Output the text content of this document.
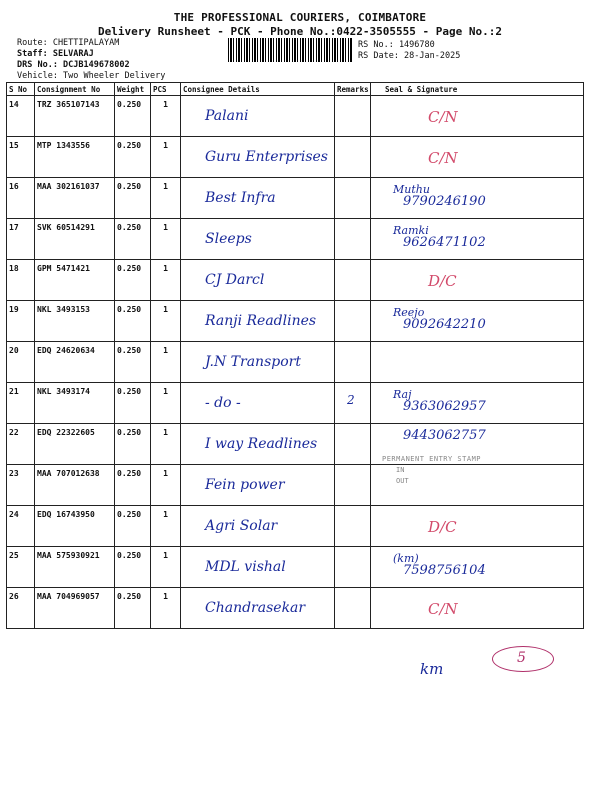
THE PROFESSIONAL COURIERS, COIMBATORE
Delivery Runsheet - PCK - Phone No.:0422-3505555 - Page No.:2
Route: CHETTIPALAYAM
Staff: SELVARAJ
DRS No.: DCJB149678002
Vehicle: Two Wheeler Delivery
RS No.: 1496780
RS Date: 28-Jan-2025
S No	Consignment No	Weight	PCS	Consignee Details	Remarks	Seal & Signature
14	TRZ 365107143	0.250	1	Palani		C/N

15	MTP 1343556	0.250	1	Guru Enterprises		C/N

16	MAA 302161037	0.250	1	Best Infra		Muthu
9790246190

17	SVK 60514291	0.250	1	Sleeps		Ramki
9626471102

18	GPM 5471421	0.250	1	CJ Darcl		D/C

19	NKL 3493153	0.250	1	Ranji Readlines		Reejo
9092642210

20	EDQ 24620634	0.250	1	J.N Transport		

21	NKL 3493174	0.250	1	- do -	2	Raj
9363062957

22	EDQ 22322605	0.250	1	I way Readlines		9443062757

23	MAA 707012638	0.250	1	Fein power		

24	EDQ 16743950	0.250	1	Agri Solar		D/C

25	MAA 575930921	0.250	1	MDL vishal		(km)
7598756104

26	MAA 704969057	0.250	1	Chandrasekar		C/N
PERMANENT ENTRY STAMP
IN
OUT
km
5
